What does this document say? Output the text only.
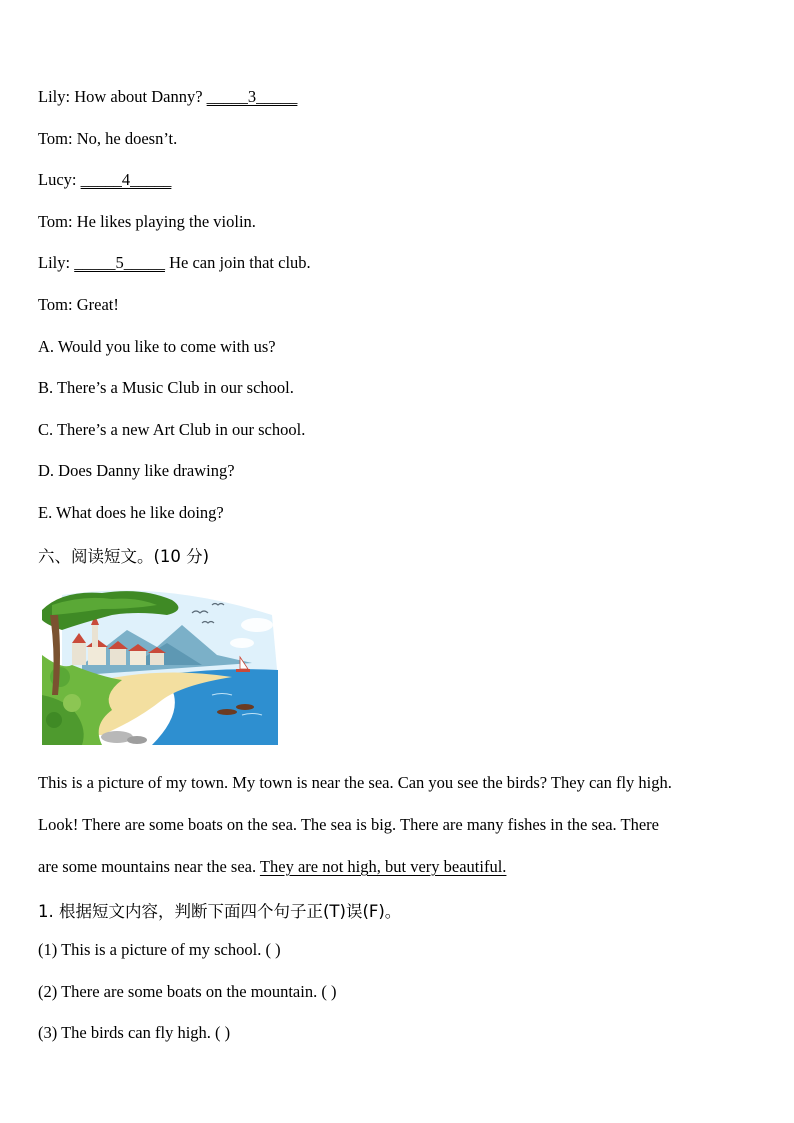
Lily: How about Danny? _____3_____
Tom: No, he doesn’t.
Lucy: _____4_____
Tom: He likes playing the violin.
Lily: _____5_____ He can join that club.
Tom: Great!
A. Would you like to come with us?
B. There’s a Music Club in our school.
C. There’s a new Art Club in our school.
D. Does Danny like drawing?
E. What does he like doing?
六、阅读短文。(10 分)
This is a picture of my town. My town is near the sea. Can you see the birds? They can fly high.
Look! There are some boats on the sea. The sea is big. There are many fishes in the sea. There
are some mountains near the sea. They are not high, but very beautiful.
1. 根据短文内容，判断下面四个句子正(T)误(F)。
(1) This is a picture of my school. ( )
(2) There are some boats on the mountain. ( )
(3) The birds can fly high. ( )
